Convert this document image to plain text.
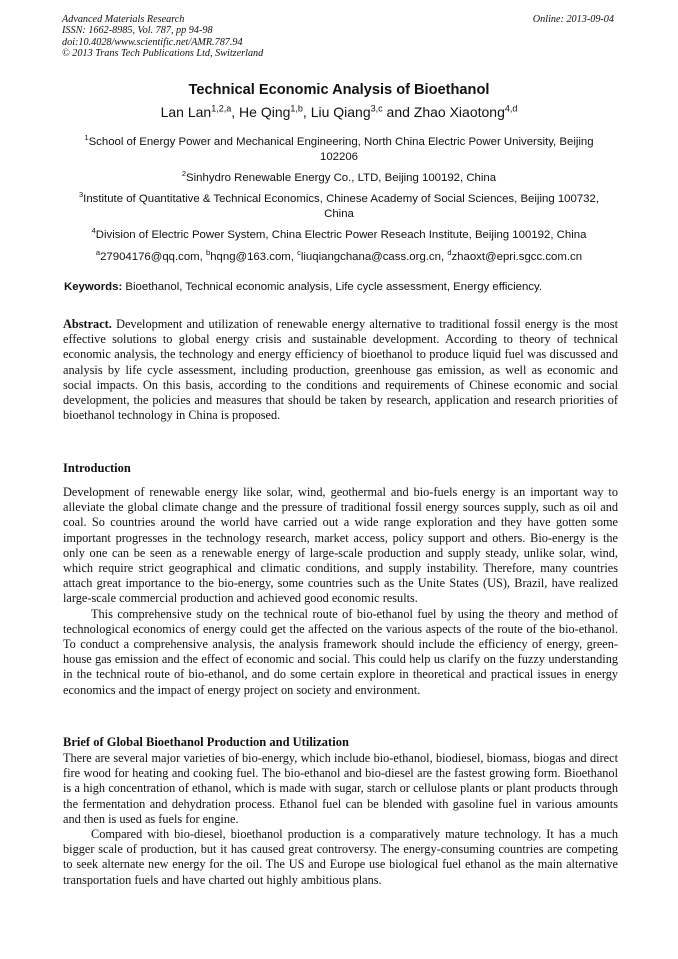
Advanced Materials Research
ISSN: 1662-8985, Vol. 787, pp 94-98
doi:10.4028/www.scientific.net/AMR.787.94
© 2013 Trans Tech Publications Ltd, Switzerland
Online: 2013-09-04
Technical Economic Analysis of Bioethanol
Lan Lan$^{1,2,a}$, He Qing$^{1,b}$, Liu Qiang$^{3,c}$ and Zhao Xiaotong$^{4,d}$
$^1$School of Energy Power and Mechanical Engineering, North China Electric Power University, Beijing 102206
$^2$Sinhydro Renewable Energy Co., LTD, Beijing 100192, China
$^3$Institute of Quantitative & Technical Economics, Chinese Academy of Social Sciences, Beijing 100732, China
$^4$Division of Electric Power System, China Electric Power Reseach Institute, Beijing 100192, China
$^a$27904176@qq.com, $^b$hqng@163.com, $^c$liuqiangchana@cass.org.cn, $^d$zhaoxt@epri.sgcc.com.cn
Keywords: Bioethanol, Technical economic analysis, Life cycle assessment, Energy efficiency.

Abstract. Development and utilization of renewable energy alternative to traditional fossil energy is the most effective solutions to global energy crisis and sustainable development. According to theory of technical economic analysis, the technology and energy efficiency of bioethanol to produce liquid fuel was discussed and analysis by life cycle assessment, including production, greenhouse gas emission, as well as economic and social impacts. On this basis, according to the conditions and requirements of Chinese economic and social development, the policies and measures that should be taken by research, application and research priorities of bioethanol technology in China is proposed.

Introduction

Development of renewable energy like solar, wind, geothermal and bio-fuels energy is an important way to alleviate the global climate change and the pressure of traditional fossil energy sources supply, such as oil and coal. So countries around the world have carried out a wide range exploration and they have gotten some important progresses in the technology research, market access, policy support and others. Bio-energy is the only one can be seen as a renewable energy of large-scale production and supply steady, unlike solar, wind, which require strict geographical and climatic conditions, and supply instability. Therefore, many countries attach great importance to the bio-energy, some countries such as the Unite States (US), Brazil, have realized large-scale commercial production and achieved good economic results.

This comprehensive study on the technical route of bio-ethanol fuel by using the theory and method of technological economics of energy could get the affected on the various aspects of the route of the bio-ethanol. To conduct a comprehensive analysis, the analysis framework should include the efficiency of energy, green-house gas emission and the effect of economic and social. This could help us clarify on the fuzzy understanding in the technical route of bio-ethanol, and do some certain explore in theoretical and practical issues in energy economics and the impact of energy project on society and environment.

Brief of Global Bioethanol Production and Utilization

There are several major varieties of bio-energy, which include bio-ethanol, biodiesel, biomass, biogas and direct fire wood for heating and cooking fuel. The bio-ethanol and bio-diesel are the fastest growing form. Bioethanol is a high concentration of ethanol, which is made with sugar, starch or cellulose plants or plant products through the fermentation and dehydration process. Ethanol fuel can be blended with gasoline fuel in various amounts and then is used as fuels for engine.

Compared with bio-diesel, bioethanol production is a comparatively mature technology. It has a much bigger scale of production, but it has caused great controversy. The energy-consuming countries are competing to seek alternate new energy for the oil. The US and Europe use biological fuel ethanol as the main alternative transportation fuels and have charted out highly ambitious plans.
